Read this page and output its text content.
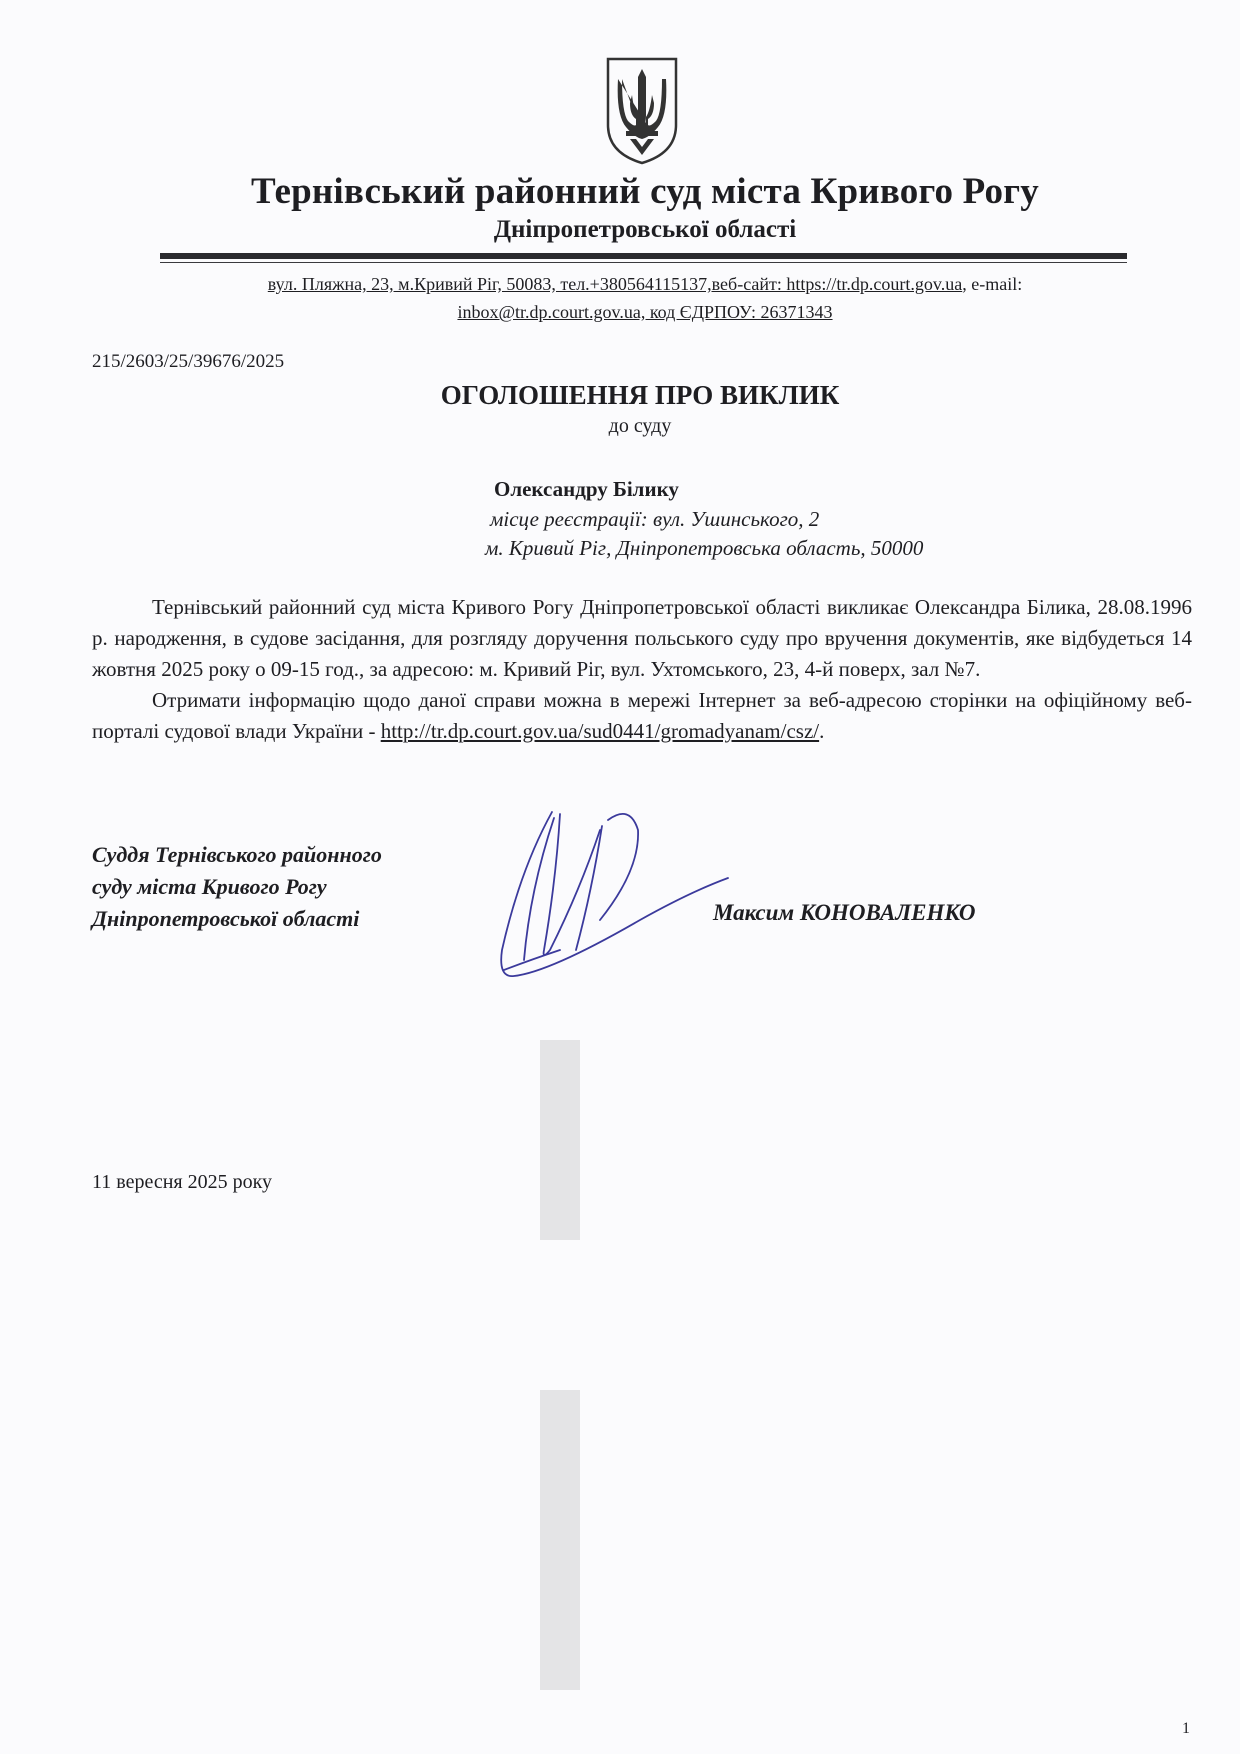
Тернівський районний суд міста Кривого Рогу
Дніпропетровської області
вул. Пляжна, 23, м.Кривий Ріг, 50083, тел.+380564115137,веб-сайт: https://tr.dp.court.gov.ua, e-mail:
inbox@tr.dp.court.gov.ua, код ЄДРПОУ: 26371343
215/2603/25/39676/2025
ОГОЛОШЕННЯ ПРО ВИКЛИК
до суду
Олександру Білику
місце реєстрації: вул. Ушинського, 2
м. Кривий Ріг, Дніпропетровська область, 50000

Тернівський районний суд міста Кривого Рогу Дніпропетровської області викликає Олександра Білика, 28.08.1996 р. народження, в судове засідання, для розгляду доручення польського суду про вручення документів, яке відбудеться 14 жовтня 2025 року о 09-15 год., за адресою: м. Кривий Ріг, вул. Ухтомського, 23, 4-й поверх, зал №7.

Отримати інформацію щодо даної справи можна в мережі Інтернет за веб-адресою сторінки на офіційному веб-порталі судової влади України - http://tr.dp.court.gov.ua/sud0441/gromadyanam/csz/.

Суддя Тернівського районного
суду міста Кривого Рогу
Дніпропетровської області	Максим КОНОВАЛЕНКО
11 вересня 2025 року
1
